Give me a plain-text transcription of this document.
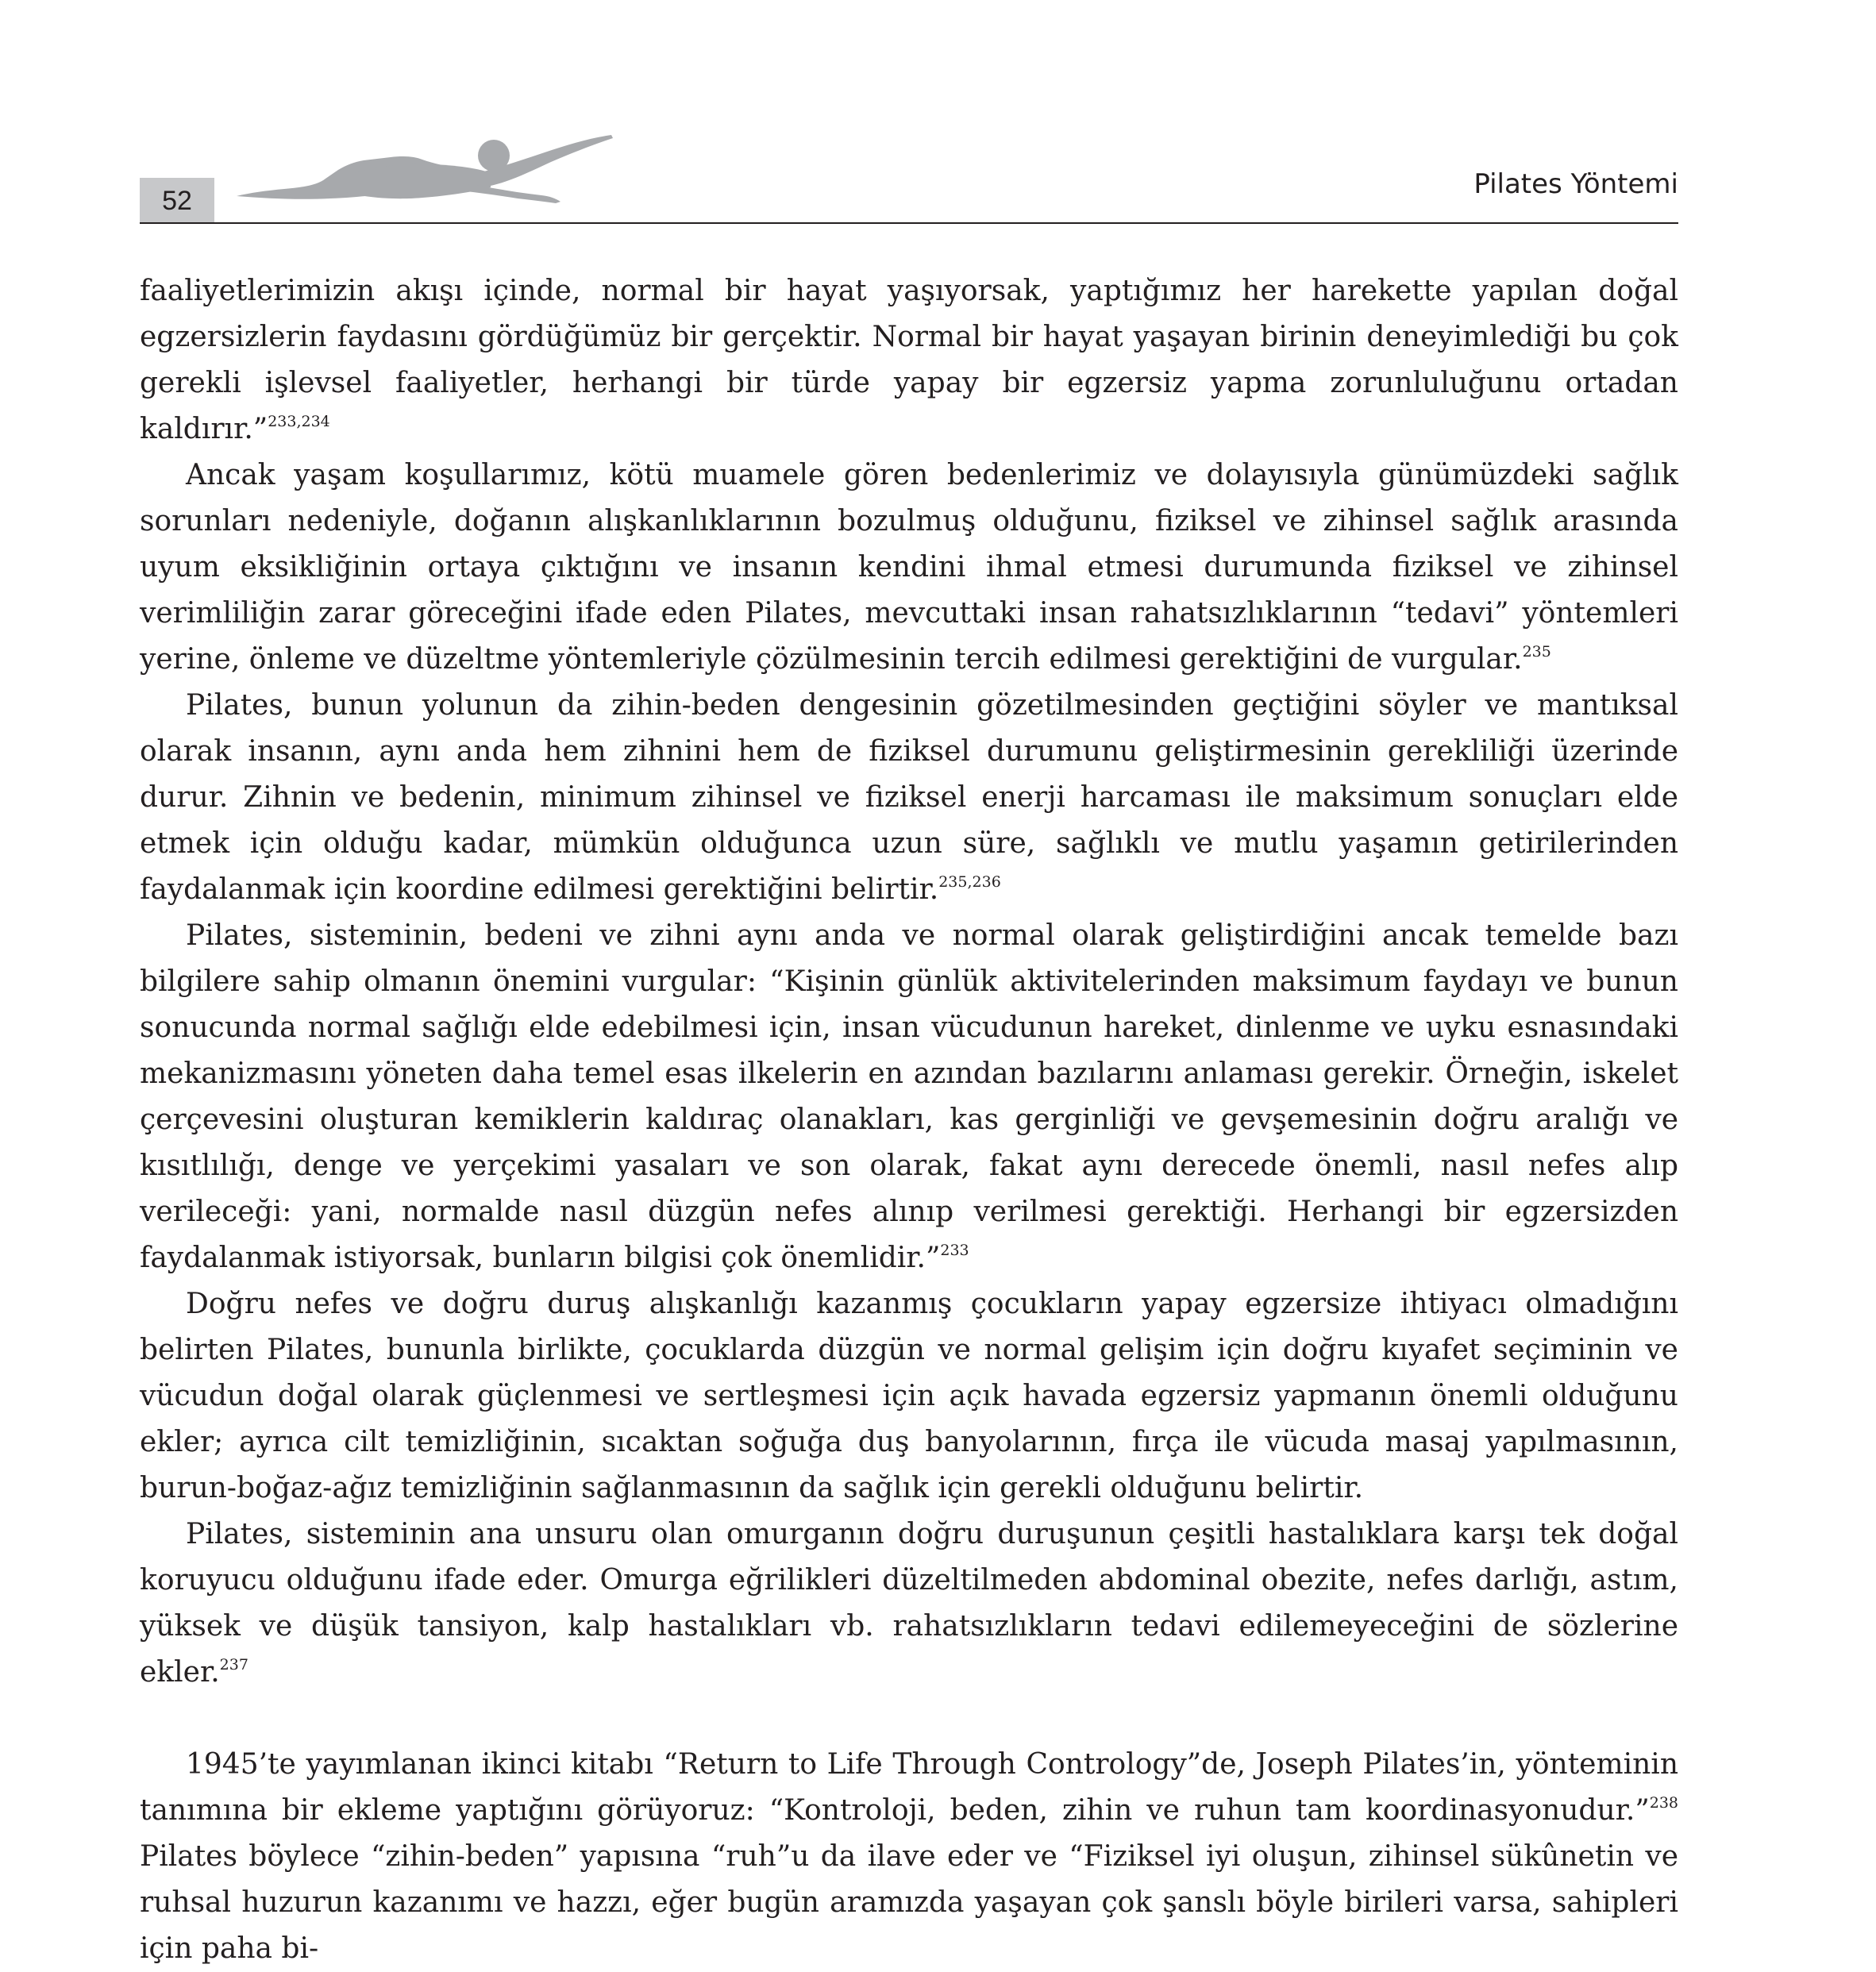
52
Pilates Yöntemi

faaliyetlerimizin akışı içinde, normal bir hayat yaşıyorsak, yaptığımız her harekette yapılan doğal egzersizlerin faydasını gördüğümüz bir gerçektir. Normal bir hayat yaşayan birinin deneyimlediği bu çok gerekli işlevsel faaliyetler, herhangi bir türde yapay bir egzersiz yapma zorunluluğunu ortadan kaldırır.”$^{233,234}$

Ancak yaşam koşullarımız, kötü muamele gören bedenlerimiz ve dolayısıyla günümüzdeki sağlık sorunları nedeniyle, doğanın alışkanlıklarının bozulmuş olduğunu, fiziksel ve zihinsel sağlık arasında uyum eksikliğinin ortaya çıktığını ve insanın kendini ihmal etmesi durumunda fiziksel ve zihinsel verimliliğin zarar göreceğini ifade eden Pilates, mevcuttaki insan rahatsızlıklarının “tedavi” yöntemleri yerine, önleme ve düzeltme yöntemleriyle çözülmesinin tercih edilmesi gerektiğini de vurgular.$^{235}$

Pilates, bunun yolunun da zihin-beden dengesinin gözetilmesinden geçtiğini söyler ve mantıksal olarak insanın, aynı anda hem zihnini hem de fiziksel durumunu geliştirmesinin gerekliliği üzerinde durur. Zihnin ve bedenin, minimum zihinsel ve fiziksel enerji harcaması ile maksimum sonuçları elde etmek için olduğu kadar, mümkün olduğunca uzun süre, sağlıklı ve mutlu yaşamın getirilerinden faydalanmak için koordine edilmesi gerektiğini belirtir.$^{235,236}$

Pilates, sisteminin, bedeni ve zihni aynı anda ve normal olarak geliştirdiğini ancak temelde bazı bilgilere sahip olmanın önemini vurgular: “Kişinin günlük aktivitelerinden maksimum faydayı ve bunun sonucunda normal sağlığı elde edebilmesi için, insan vücudunun hareket, dinlenme ve uyku esnasındaki mekanizmasını yöneten daha temel esas ilkelerin en azından bazılarını anlaması gerekir. Örneğin, iskelet çerçevesini oluşturan kemiklerin kaldıraç olanakları, kas gerginliği ve gevşemesinin doğru aralığı ve kısıtlılığı, denge ve yerçekimi yasaları ve son olarak, fakat aynı derecede önemli, nasıl nefes alıp verileceği: yani, normalde nasıl düzgün nefes alınıp verilmesi gerektiği. Herhangi bir egzersizden faydalanmak istiyorsak, bunların bilgisi çok önemlidir.”$^{233}$

Doğru nefes ve doğru duruş alışkanlığı kazanmış çocukların yapay egzersize ihtiyacı olmadığını belirten Pilates, bununla birlikte, çocuklarda düzgün ve normal gelişim için doğru kıyafet seçiminin ve vücudun doğal olarak güçlenmesi ve sertleşmesi için açık havada egzersiz yapmanın önemli olduğunu ekler; ayrıca cilt temizliğinin, sıcaktan soğuğa duş banyolarının, fırça ile vücuda masaj yapılmasının, burun-boğaz-ağız temizliğinin sağlanmasının da sağlık için gerekli olduğunu belirtir.

Pilates, sisteminin ana unsuru olan omurganın doğru duruşunun çeşitli hastalıklara karşı tek doğal koruyucu olduğunu ifade eder. Omurga eğrilikleri düzeltilmeden abdominal obezite, nefes darlığı, astım, yüksek ve düşük tansiyon, kalp hastalıkları vb. rahatsızlıkların tedavi edilemeyeceğini de sözlerine ekler.$^{237}$

1945’te yayımlanan ikinci kitabı “Return to Life Through Contrology”de, Joseph Pilates’in, yönteminin tanımına bir ekleme yaptığını görüyoruz: “Kontroloji, beden, zihin ve ruhun tam koordinasyonudur.”$^{238}$ Pilates böylece “zihin-beden” yapısına “ruh”u da ilave eder ve “Fiziksel iyi oluşun, zihinsel sükûnetin ve ruhsal huzurun kazanımı ve hazzı, eğer bugün aramızda yaşayan çok şanslı böyle birileri varsa, sahipleri için paha bi-
